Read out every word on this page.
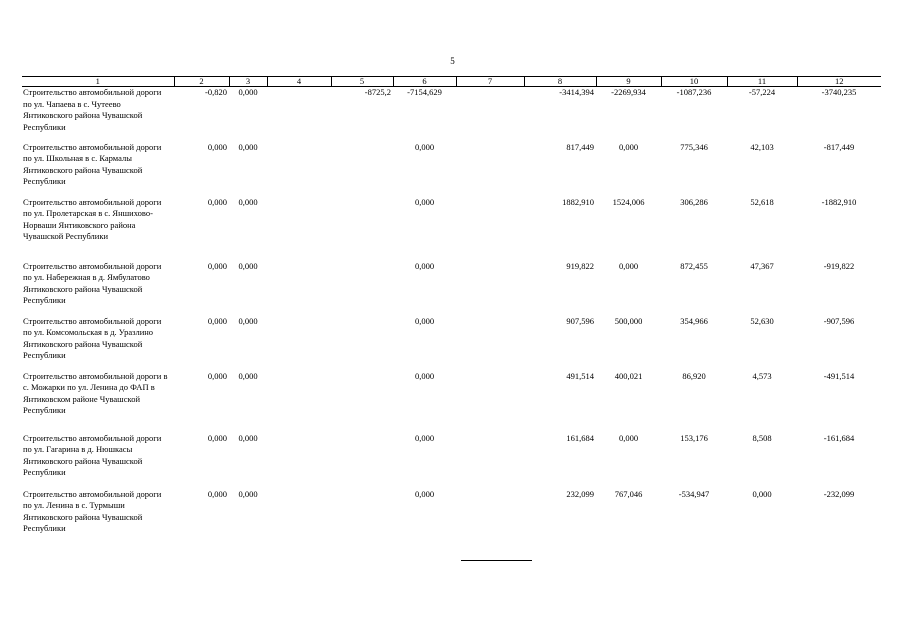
5
1	2	3	4	5	6	7	8	9	10	11	12
Строительство автомобильной дороги по ул. Чапаева в с. Чутеево Янтиковского района Чувашской Республики	-0,820	0,000		-8725,2	-7154,629		-3414,394	-2269,934	-1087,236	-57,224	-3740,235
Строительство автомобильной дороги по ул. Школьная в с. Кармалы Янтиковского района Чувашской Республики	0,000	0,000			0,000		817,449	0,000	775,346	42,103	-817,449
Строительство автомобильной дороги по ул. Пролетарская в с. Яншихово-Норваши Янтиковского района Чувашской Республики	0,000	0,000			0,000		1882,910	1524,006	306,286	52,618	-1882,910
Строительство автомобильной дороги по ул. Набережная в д. Ямбулатово Янтиковского района Чувашской Республики	0,000	0,000			0,000		919,822	0,000	872,455	47,367	-919,822
Строительство автомобильной дороги по ул. Комсомольская в д. Уразлино Янтиковского района Чувашской Республики	0,000	0,000			0,000		907,596	500,000	354,966	52,630	-907,596
Строительство автомобильной дороги в с. Можарки по ул. Ленина до ФАП в Янтиковском районе Чувашской Республики	0,000	0,000			0,000		491,514	400,021	86,920	4,573	-491,514
Строительство автомобильной дороги по ул. Гагарина в д. Нюшкасы Янтиковского района Чувашской Республики	0,000	0,000			0,000		161,684	0,000	153,176	8,508	-161,684
Строительство автомобильной дороги по ул. Ленина в с. Турмыши Янтиковского района Чувашской Республики	0,000	0,000			0,000		232,099	767,046	-534,947	0,000	-232,099
